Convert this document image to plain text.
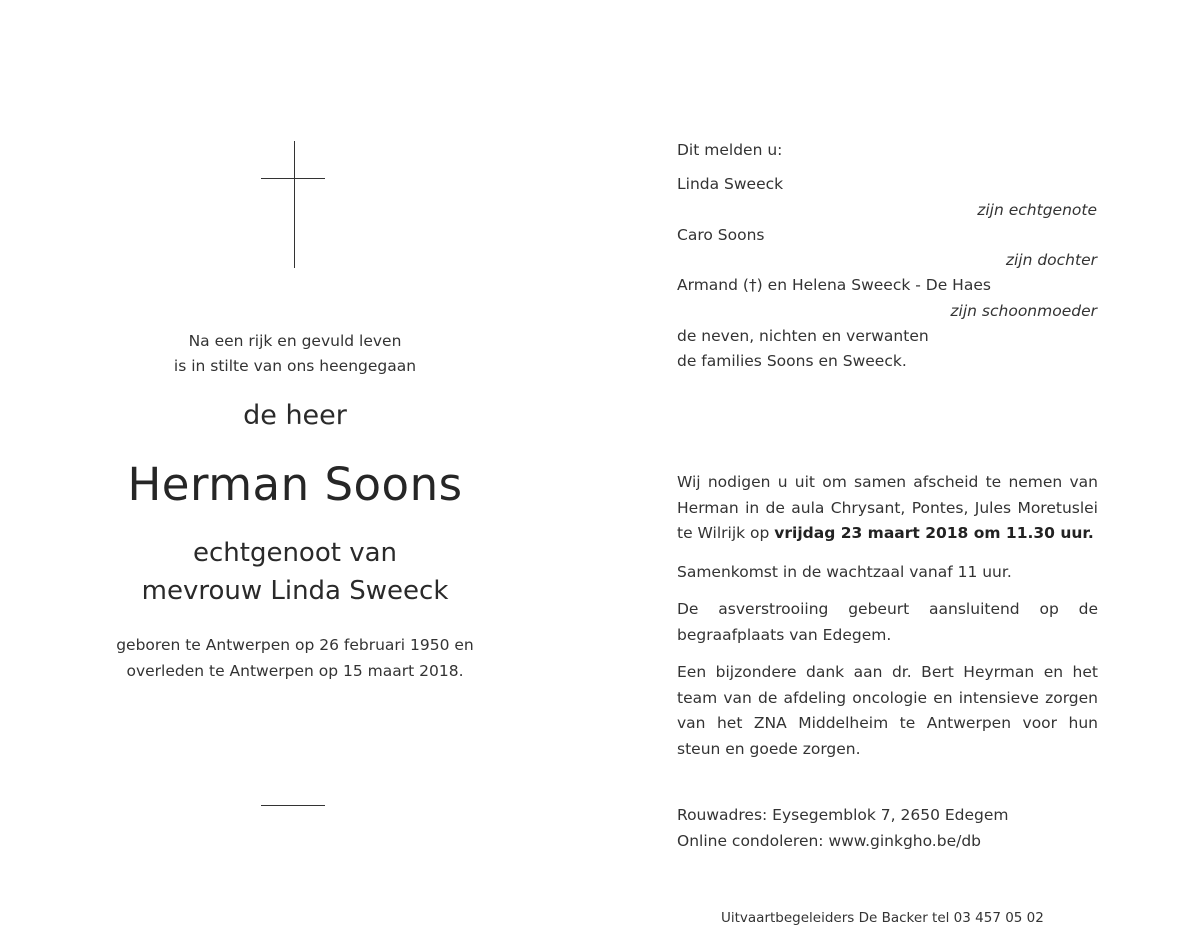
Na een rijk en gevuld leven
is in stilte van ons heengegaan
de heer
Herman Soons
echtgenoot van
mevrouw Linda Sweeck
geboren te Antwerpen op 26 februari 1950 en
overleden te Antwerpen op 15 maart 2018.
Dit melden u:
Linda Sweeck
zijn echtgenote
Caro Soons
zijn dochter
Armand (†) en Helena Sweeck - De Haes
zijn schoonmoeder
de neven, nichten en verwanten
de families Soons en Sweeck.
Wij nodigen u uit om samen afscheid te nemen van Herman in de aula Chrysant, Pontes, Jules Moretuslei te Wilrijk op vrijdag 23 maart 2018 om 11.30 uur.
Samenkomst in de wachtzaal vanaf 11 uur.
De asverstrooiing gebeurt aansluitend op de begraafplaats van Edegem.
Een bijzondere dank aan dr. Bert Heyrman en het team van de afdeling oncologie en intensieve zorgen van het ZNA Middelheim te Antwerpen voor hun steun en goede zorgen.
Rouwadres: Eysegemblok 7, 2650 Edegem
Online condoleren: www.ginkgho.be/db
Uitvaartbegeleiders De Backer tel 03 457 05 02
